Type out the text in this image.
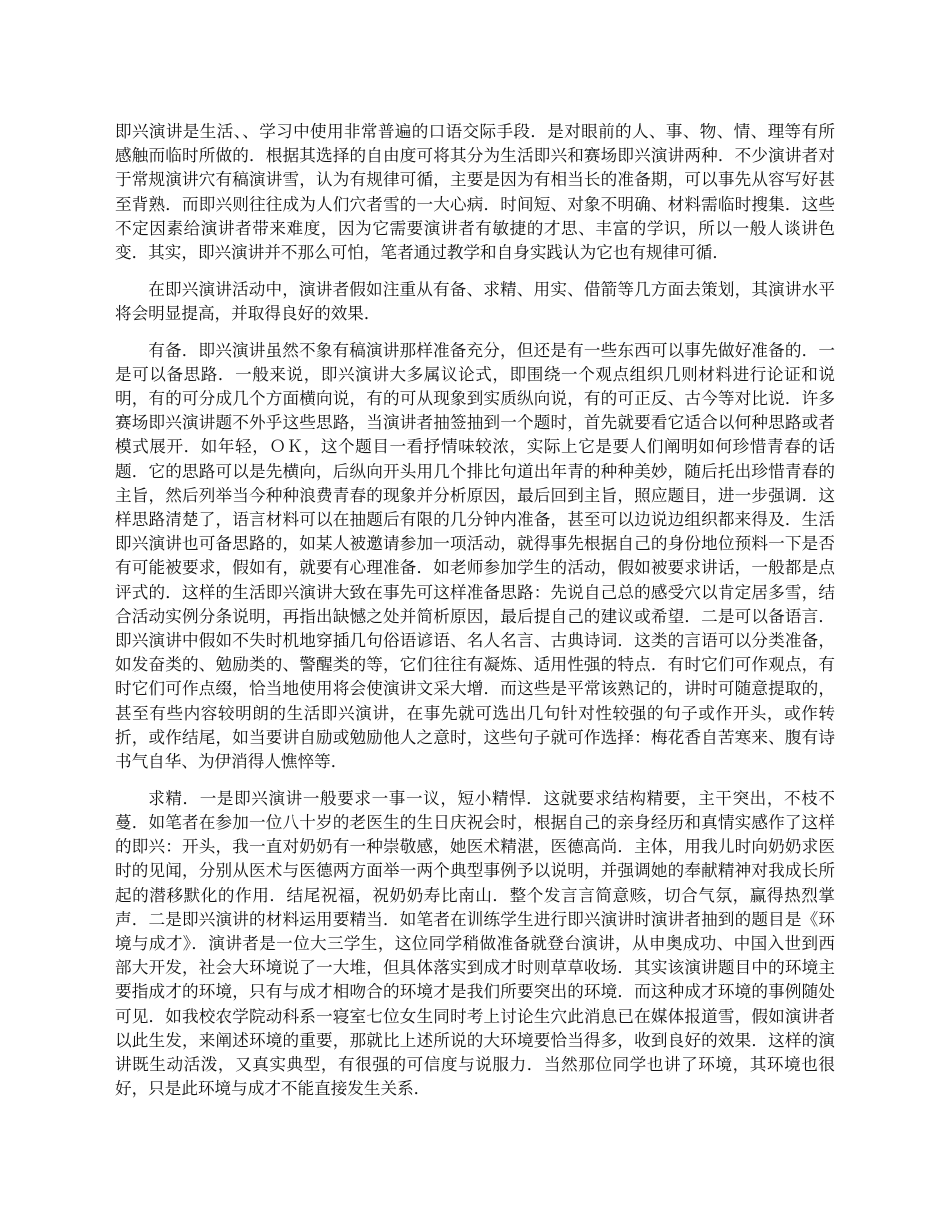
即兴演讲是生活、、学习中使用非常普遍的口语交际手段．是对眼前的人、事、物、情、理等有所感触而临时所做的．根据其选择的自由度可将其分为生活即兴和赛场即兴演讲两种．不少演讲者对于常规演讲穴有稿演讲雪，认为有规律可循，主要是因为有相当长的准备期，可以事先从容写好甚至背熟．而即兴则往往成为人们穴者雪的一大心病．时间短、对象不明确、材料需临时搜集．这些不定因素给演讲者带来难度，因为它需要演讲者有敏捷的才思、丰富的学识，所以一般人谈讲色变．其实，即兴演讲并不那么可怕，笔者通过教学和自身实践认为它也有规律可循．

在即兴演讲活动中，演讲者假如注重从有备、求精、用实、借箭等几方面去策划，其演讲水平将会明显提高，并取得良好的效果．

有备．即兴演讲虽然不象有稿演讲那样准备充分，但还是有一些东西可以事先做好准备的．一是可以备思路．一般来说，即兴演讲大多属议论式，即围绕一个观点组织几则材料进行论证和说明，有的可分成几个方面横向说，有的可从现象到实质纵向说，有的可正反、古今等对比说．许多赛场即兴演讲题不外乎这些思路，当演讲者抽签抽到一个题时，首先就要看它适合以何种思路或者模式展开．如年轻，ＯＫ，这个题目一看抒情味较浓，实际上它是要人们阐明如何珍惜青春的话题．它的思路可以是先横向，后纵向开头用几个排比句道出年青的种种美妙，随后托出珍惜青春的主旨，然后列举当今种种浪费青春的现象并分析原因，最后回到主旨，照应题目，进一步强调．这样思路清楚了，语言材料可以在抽题后有限的几分钟内准备，甚至可以边说边组织都来得及．生活即兴演讲也可备思路的，如某人被邀请参加一项活动，就得事先根据自己的身份地位预料一下是否有可能被要求，假如有，就要有心理准备．如老师参加学生的活动，假如被要求讲话，一般都是点评式的．这样的生活即兴演讲大致在事先可这样准备思路：先说自己总的感受穴以肯定居多雪，结合活动实例分条说明，再指出缺憾之处并简析原因，最后提自己的建议或希望．二是可以备语言．即兴演讲中假如不失时机地穿插几句俗语谚语、名人名言、古典诗词．这类的言语可以分类准备，如发奋类的、勉励类的、警醒类的等，它们往往有凝炼、适用性强的特点．有时它们可作观点，有时它们可作点缀，恰当地使用将会使演讲文采大增．而这些是平常该熟记的，讲时可随意提取的，甚至有些内容较明朗的生活即兴演讲，在事先就可选出几句针对性较强的句子或作开头，或作转折，或作结尾，如当要讲自励或勉励他人之意时，这些句子就可作选择：梅花香自苦寒来、腹有诗书气自华、为伊消得人憔悴等．

求精．一是即兴演讲一般要求一事一议，短小精悍．这就要求结构精要，主干突出，不枝不蔓．如笔者在参加一位八十岁的老医生的生日庆祝会时，根据自己的亲身经历和真情实感作了这样的即兴：开头，我一直对奶奶有一种崇敬感，她医术精湛，医德高尚．主体，用我儿时向奶奶求医时的见闻，分别从医术与医德两方面举一两个典型事例予以说明，并强调她的奉献精神对我成长所起的潜移默化的作用．结尾祝福，祝奶奶寿比南山．整个发言言简意赅，切合气氛，赢得热烈掌声．二是即兴演讲的材料运用要精当．如笔者在训练学生进行即兴演讲时演讲者抽到的题目是《环境与成才》．演讲者是一位大三学生，这位同学稍做准备就登台演讲，从申奥成功、中国入世到西部大开发，社会大环境说了一大堆，但具体落实到成才时则草草收场．其实该演讲题目中的环境主要指成才的环境，只有与成才相吻合的环境才是我们所要突出的环境．而这种成才环境的事例随处可见．如我校农学院动科系一寝室七位女生同时考上讨论生穴此消息已在媒体报道雪，假如演讲者以此生发，来阐述环境的重要，那就比上述所说的大环境要恰当得多，收到良好的效果．这样的演讲既生动活泼，又真实典型，有很强的可信度与说服力．当然那位同学也讲了环境，其环境也很好，只是此环境与成才不能直接发生关系．
